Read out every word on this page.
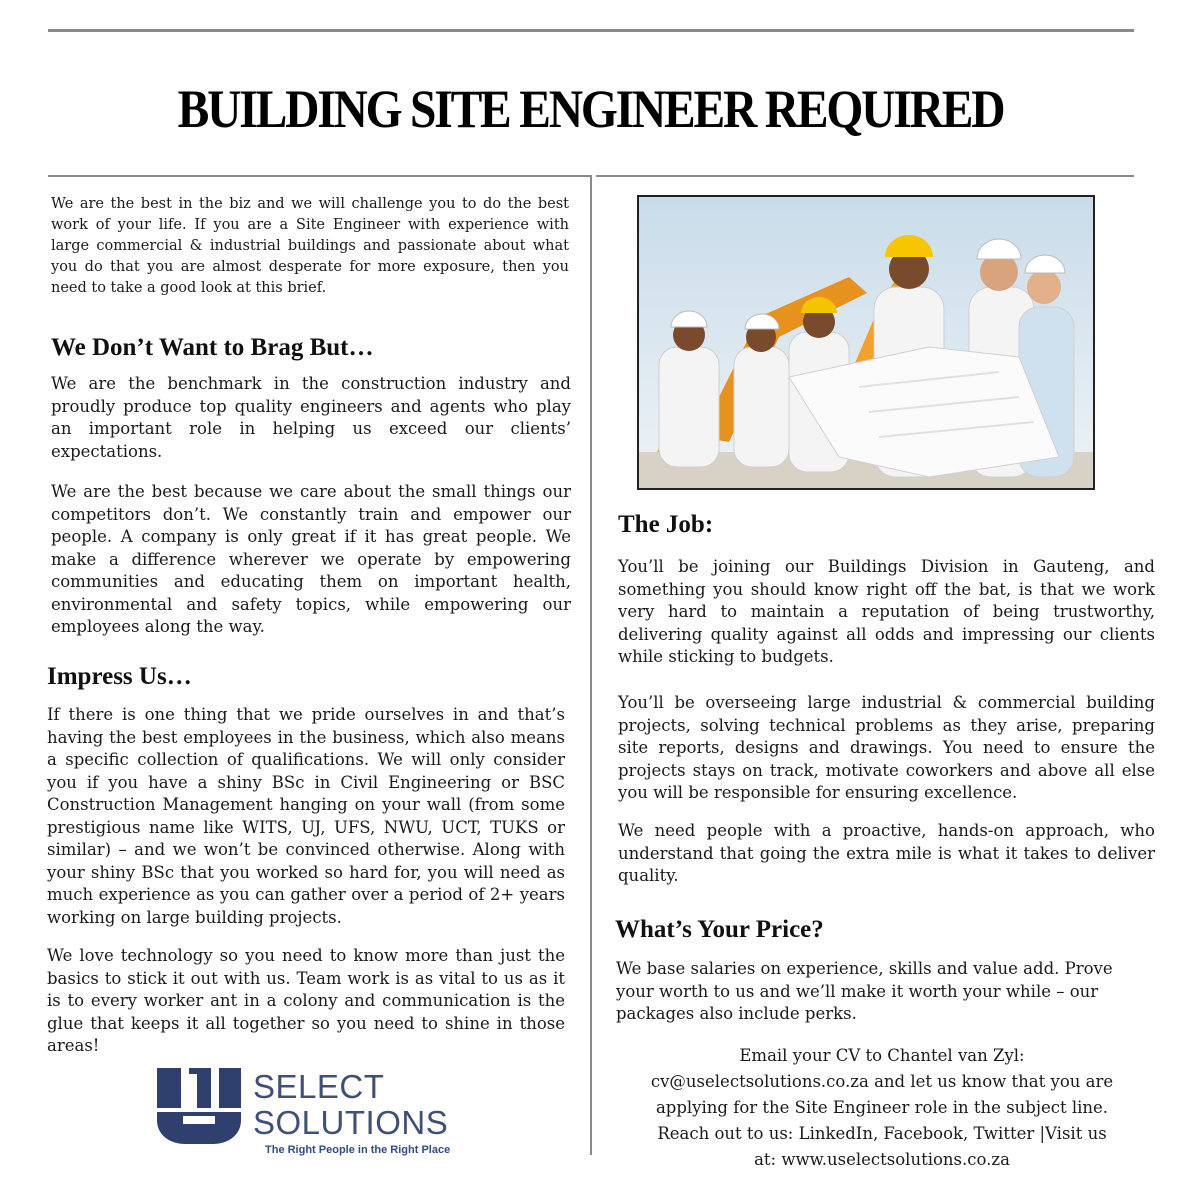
BUILDING SITE ENGINEER REQUIRED

We are the best in the biz and we will challenge you to do the best work of your life. If you are a Site Engineer with experience with large commercial & industrial buildings and passionate about what you do that you are almost desperate for more exposure, then you need to take a good look at this brief.

We Don’t Want to Brag But…

We are the benchmark in the construction industry and proudly produce top quality engineers and agents who play an important role in helping us exceed our clients’ expectations.

We are the best because we care about the small things our competitors don’t. We constantly train and empower our people. A company is only great if it has great people. We make a difference wherever we operate by empowering communities and educating them on important health, environmental and safety topics, while empowering our employees along the way.

Impress Us…

If there is one thing that we pride ourselves in and that’s having the best employees in the business, which also means a specific collection of qualifications. We will only consider you if you have a shiny BSc in Civil Engineering or BSC Construction Management hanging on your wall (from some prestigious name like WITS, UJ, UFS, NWU, UCT, TUKS or similar) – and we won’t be convinced otherwise. Along with your shiny BSc that you worked so hard for, you will need as much experience as you can gather over a period of 2+ years working on large building projects.

We love technology so you need to know more than just the basics to stick it out with us. Team work is as vital to us as it is to every worker ant in a colony and communication is the glue that keeps it all together so you need to shine in those areas!

SELECT
SOLUTIONS
The Right People in the Right Place
The Job:

You’ll be joining our Buildings Division in Gauteng, and something you should know right off the bat, is that we work very hard to maintain a reputation of being trustworthy, delivering quality against all odds and impressing our clients while sticking to budgets.

You’ll be overseeing large industrial & commercial building projects, solving technical problems as they arise, preparing site reports, designs and drawings. You need to ensure the projects stays on track, motivate coworkers and above all else you will be responsible for ensuring excellence.

We need people with a proactive, hands-on approach, who understand that going the extra mile is what it takes to deliver quality.

What’s Your Price?

We base salaries on experience, skills and value add. Prove your worth to us and we’ll make it worth your while – our packages also include perks.

Email your CV to Chantel van Zyl:
cv@uselectsolutions.co.za and let us know that you are
applying for the Site Engineer role in the subject line.
Reach out to us: LinkedIn, Facebook, Twitter |Visit us
at: www.uselectsolutions.co.za
